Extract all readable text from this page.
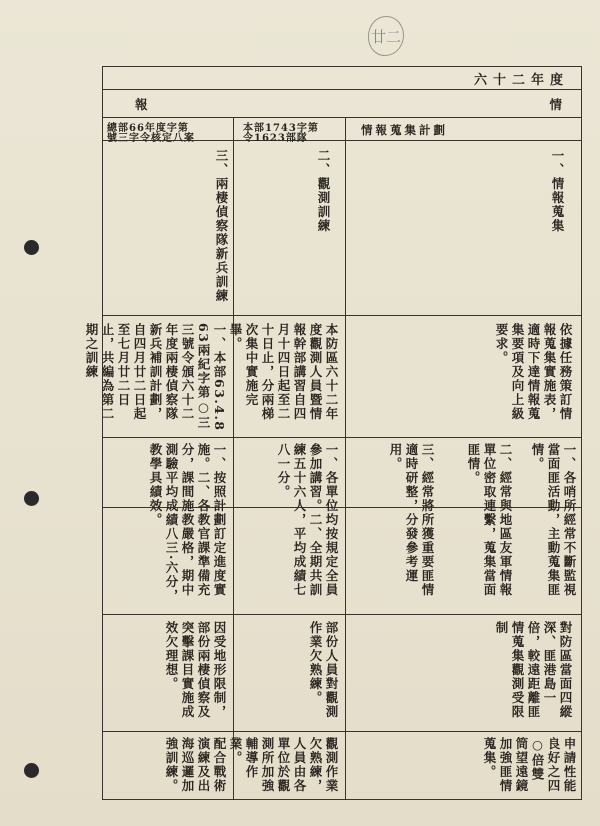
廿二
六十二年度
報	情
情報蒐集計劃
本部1743字第
令1623部隊
總部66年度字第
號三字令核定八案
一、情報蒐集
二、觀測訓練
三、兩棲偵察隊新兵訓練
依據任務策訂情報蒐集實施表，適時下達情報蒐集要項及向上級要求。
本防區六十二年度觀測人員暨情報幹部講習自四月十四日起至二十日止，分兩梯次集中實施完畢。
一、本部63.4.8 63兩紀字第○三三號令頒六十二年度兩棲偵察隊新兵補訓計劃，自四月廿二日起至七月廿二日止，共編為第二期之訓練
一、各哨所經常不斷監視當面匪活動，主動蒐集匪情。
二、經常與地區友軍情報單位密取連繫，蒐集當面匪情。
三、經常將所獲重要匪情適時研整，分發參考運用。
一、各單位均按規定全員參加講習。二、全期共訓練五十六人，平均成績七八一分。
一、按照計劃訂定進度實施。二、各教官課準備充分，課間施教嚴格，期中測驗平均成績八三·六分，教學具績效。
對防區當面四縱深、匪港島一倍，較遠距離匪情蒐集觀測受限制
部份人員對觀測作業欠熟練。
因受地形限制，部份兩棲偵察及突擊課目實施成效欠理想。
申請性能良好之四○倍雙筒望遠鏡加強匪情蒐集。
觀測作業欠熟練，人員由各單位於觀測所加強輔導作業。
配合戰術演練及出海巡邏加強訓練。
